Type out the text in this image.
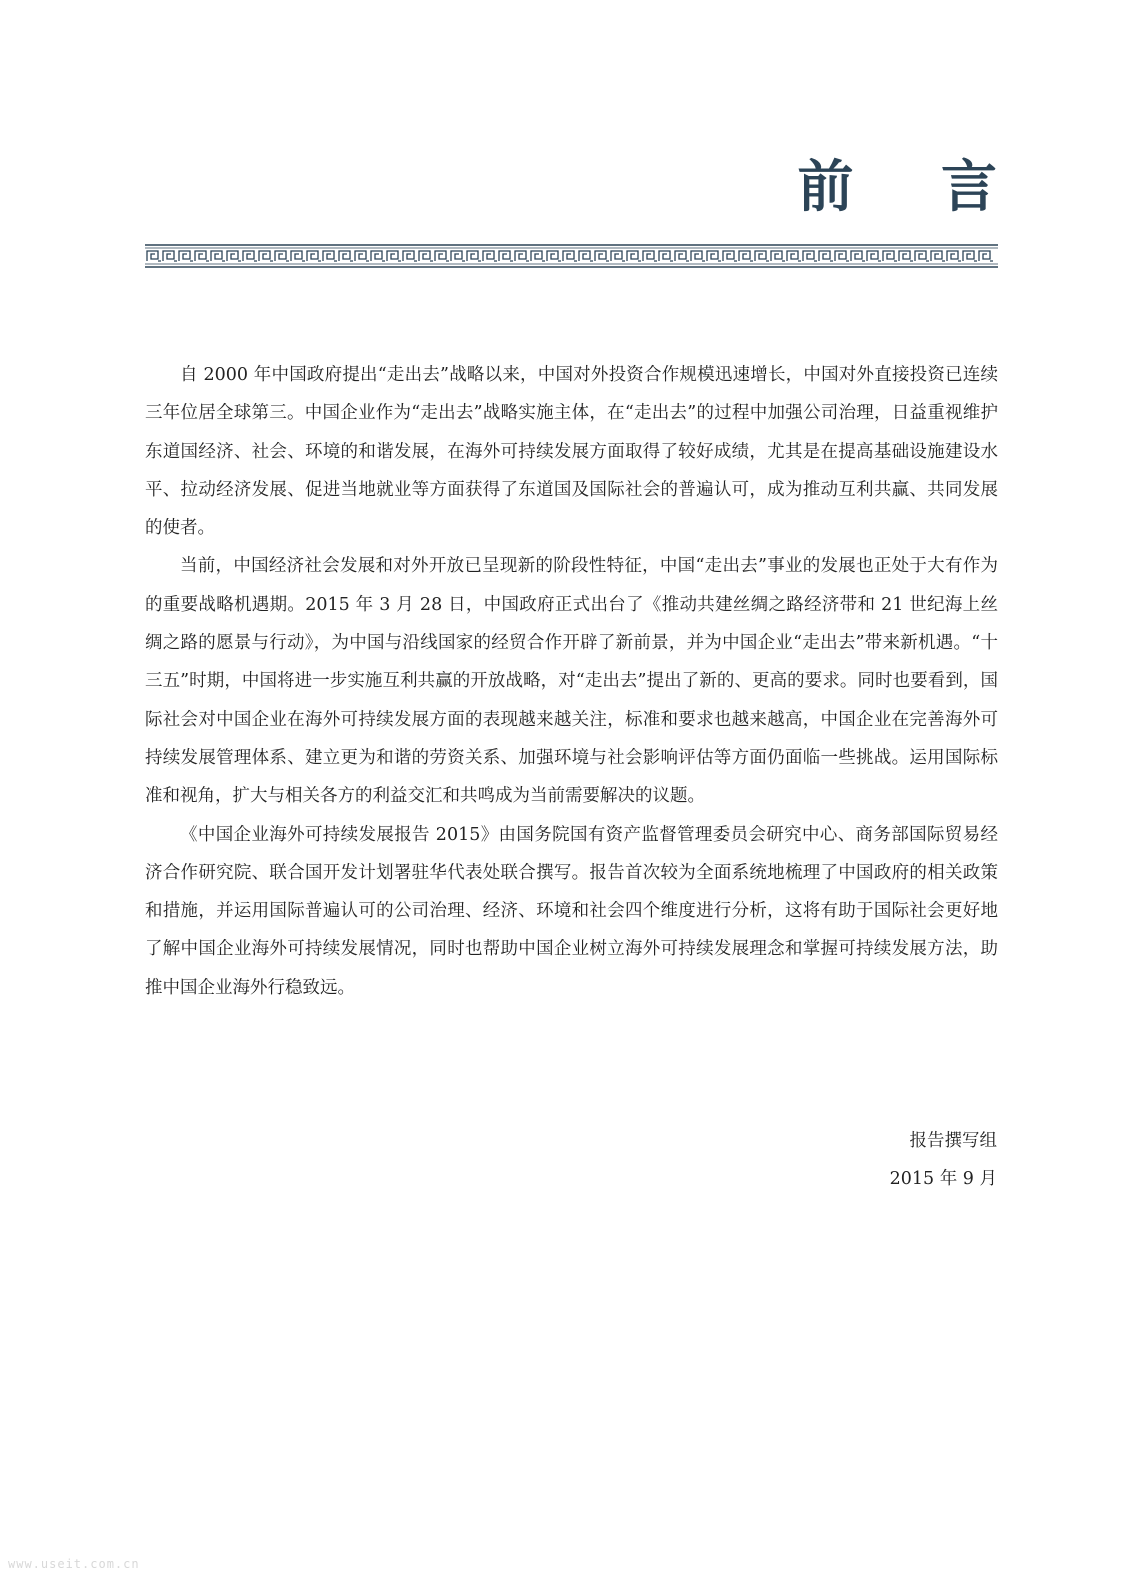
前 言

自 2000 年中国政府提出“走出去”战略以来，中国对外投资合作规模迅速增长，中国对外直接投资已连续三年位居全球第三。中国企业作为“走出去”战略实施主体，在“走出去”的过程中加强公司治理，日益重视维护东道国经济、社会、环境的和谐发展，在海外可持续发展方面取得了较好成绩，尤其是在提高基础设施建设水平、拉动经济发展、促进当地就业等方面获得了东道国及国际社会的普遍认可，成为推动互利共赢、共同发展的使者。

当前，中国经济社会发展和对外开放已呈现新的阶段性特征，中国“走出去”事业的发展也正处于大有作为的重要战略机遇期。2015 年 3 月 28 日，中国政府正式出台了《推动共建丝绸之路经济带和 21 世纪海上丝绸之路的愿景与行动》，为中国与沿线国家的经贸合作开辟了新前景，并为中国企业“走出去”带来新机遇。“十三五”时期，中国将进一步实施互利共赢的开放战略，对“走出去”提出了新的、更高的要求。同时也要看到，国际社会对中国企业在海外可持续发展方面的表现越来越关注，标准和要求也越来越高，中国企业在完善海外可持续发展管理体系、建立更为和谐的劳资关系、加强环境与社会影响评估等方面仍面临一些挑战。运用国际标准和视角，扩大与相关各方的利益交汇和共鸣成为当前需要解决的议题。

《中国企业海外可持续发展报告 2015》由国务院国有资产监督管理委员会研究中心、商务部国际贸易经济合作研究院、联合国开发计划署驻华代表处联合撰写。报告首次较为全面系统地梳理了中国政府的相关政策和措施，并运用国际普遍认可的公司治理、经济、环境和社会四个维度进行分析，这将有助于国际社会更好地了解中国企业海外可持续发展情况，同时也帮助中国企业树立海外可持续发展理念和掌握可持续发展方法，助推中国企业海外行稳致远。

报告撰写组
2015 年 9 月
www.useit.com.cn
